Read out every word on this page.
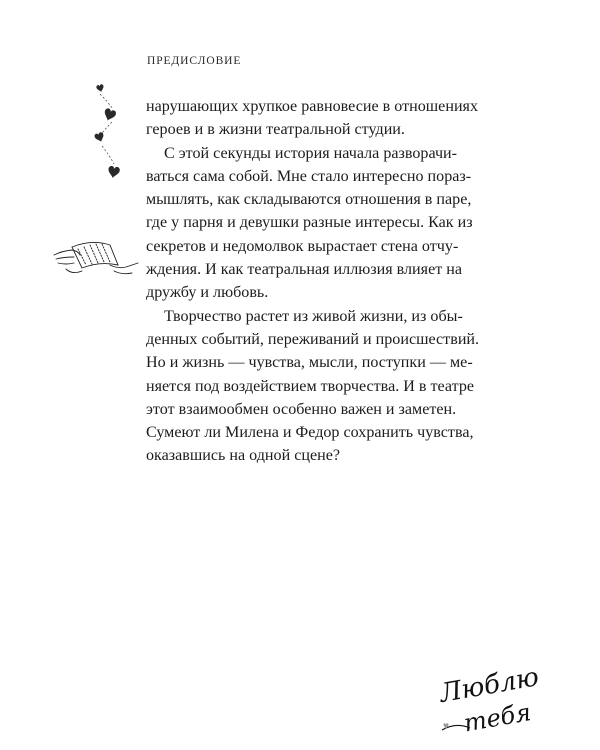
ПРЕДИСЛОВИЕ
нарушающих хрупкое равновесие в отношениях
героев и в жизни театральной студии.
С этой секунды история начала разворачи-
ваться сама собой. Мне стало интересно пораз-
мышлять, как складываются отношения в паре,
где у парня и девушки разные интересы. Как из
секретов и недомолвок вырастает стена отчу-
ждения. И как театральная иллюзия влияет на
дружбу и любовь.
Творчество растет из живой жизни, из обы-
денных событий, переживаний и происшествий.
Но и жизнь — чувства, мысли, поступки — ме-
няется под воздействием творчества. И в театре
этот взаимообмен особенно важен и заметен.
Сумеют ли Милена и Федор сохранить чувства,
оказавшись на одной сцене?
Люблю
тебя
